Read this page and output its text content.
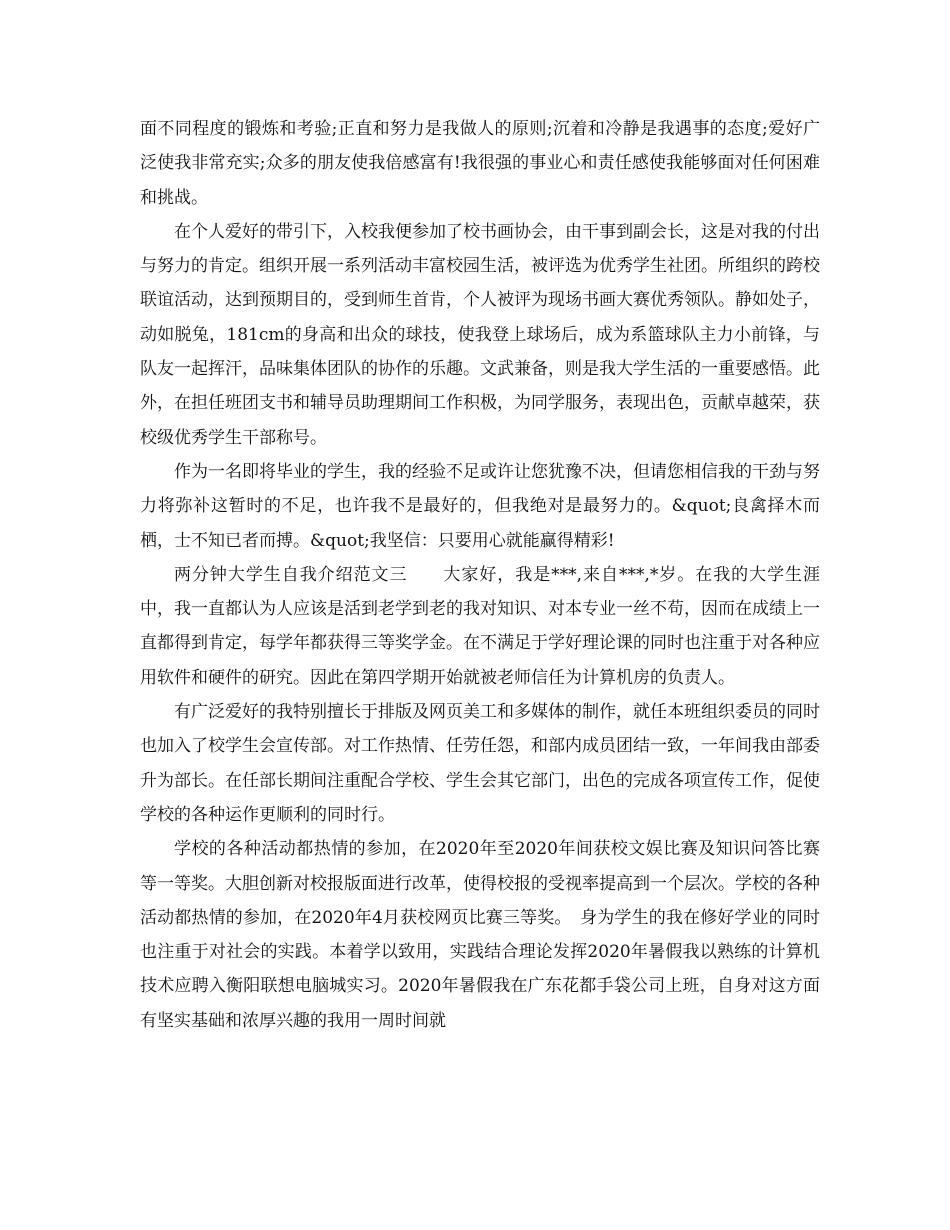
面不同程度的锻炼和考验;正直和努力是我做人的原则;沉着和冷静是我遇事的态度;爱好广泛使我非常充实;众多的朋友使我倍感富有!我很强的事业心和责任感使我能够面对任何困难和挑战。

在个人爱好的带引下，入校我便参加了校书画协会，由干事到副会长，这是对我的付出与努力的肯定。组织开展一系列活动丰富校园生活，被评选为优秀学生社团。所组织的跨校联谊活动，达到预期目的，受到师生首肯，个人被评为现场书画大赛优秀领队。静如处子，动如脱兔，181cm的身高和出众的球技，使我登上球场后，成为系篮球队主力小前锋，与队友一起挥汗，品味集体团队的协作的乐趣。文武兼备，则是我大学生活的一重要感悟。此外，在担任班团支书和辅导员助理期间工作积极，为同学服务，表现出色，贡献卓越荣，获校级优秀学生干部称号。

作为一名即将毕业的学生，我的经验不足或许让您犹豫不决，但请您相信我的干劲与努力将弥补这暂时的不足，也许我不是最好的，但我绝对是最努力的。&quot;良禽择木而栖，士不知已者而搏。&quot;我坚信：只要用心就能赢得精彩!

两分钟大学生自我介绍范文三　　大家好，我是***,来自***,*岁。在我的大学生涯中，我一直都认为人应该是活到老学到老的我对知识、对本专业一丝不苟，因而在成绩上一直都得到肯定，每学年都获得三等奖学金。在不满足于学好理论课的同时也注重于对各种应用软件和硬件的研究。因此在第四学期开始就被老师信任为计算机房的负责人。

有广泛爱好的我特别擅长于排版及网页美工和多媒体的制作，就任本班组织委员的同时也加入了校学生会宣传部。对工作热情、任劳任怨，和部内成员团结一致，一年间我由部委升为部长。在任部长期间注重配合学校、学生会其它部门，出色的完成各项宣传工作，促使学校的各种运作更顺利的同时行。

学校的各种活动都热情的参加，在2020年至2020年间获校文娱比赛及知识问答比赛等一等奖。大胆创新对校报版面进行改革，使得校报的受视率提高到一个层次。学校的各种活动都热情的参加，在2020年4月获校网页比赛三等奖。　身为学生的我在修好学业的同时也注重于对社会的实践。本着学以致用，实践结合理论发挥2020年暑假我以熟练的计算机技术应聘入衡阳联想电脑城实习。2020年暑假我在广东花都手袋公司上班，自身对这方面有坚实基础和浓厚兴趣的我用一周时间就
